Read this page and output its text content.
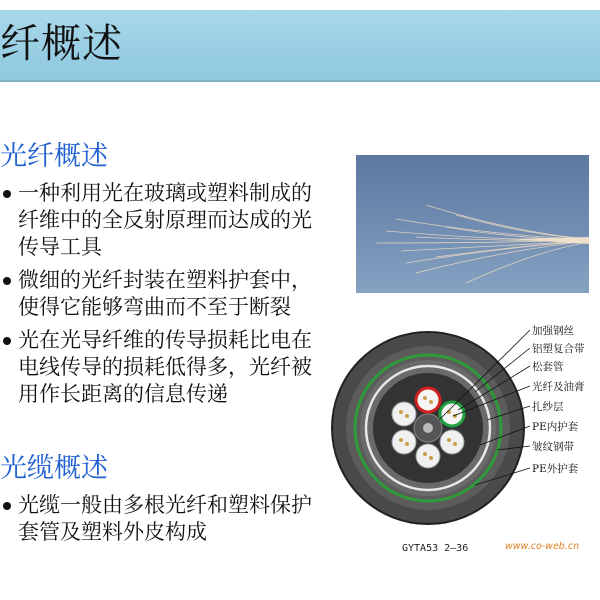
纤概述
光纤概述
一种利用光在玻璃或塑料制成的纤维中的全反射原理而达成的光传导工具
微细的光纤封装在塑料护套中，使得它能够弯曲而不至于断裂
光在光导纤维的传导损耗比电在电线传导的损耗低得多，光纤被用作长距离的信息传递
光缆概述
光缆一般由多根光纤和塑料保护套管及塑料外皮构成
加强钢丝
铝塑复合带
松套管
光纤及油膏
扎纱层
PE内护套
皱纹钢带
PE外护套
GYTA53 2—36	www.co-web.cn
